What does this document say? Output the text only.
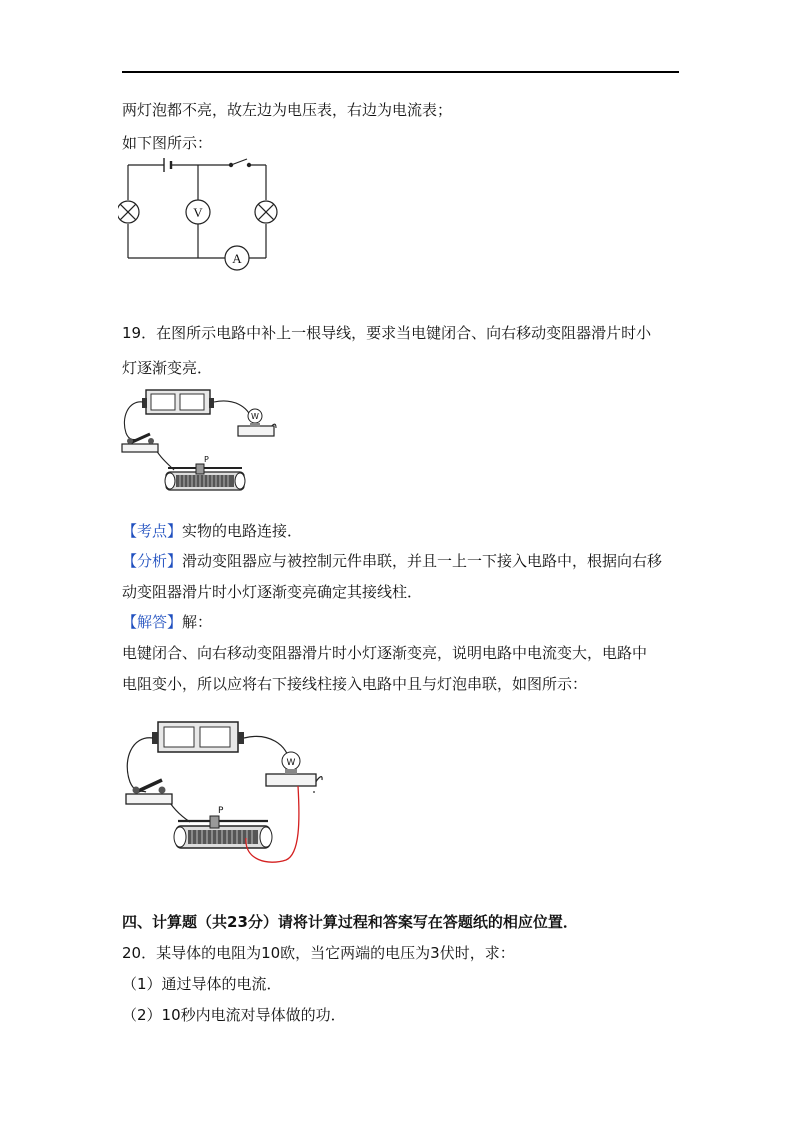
两灯泡都不亮，故左边为电压表，右边为电流表；
如下图所示：
V
A
19．在图所示电路中补上一根导线，要求当电键闭合、向右移动变阻器滑片时小
灯逐渐变亮．
W
P
【考点】实物的电路连接．
【分析】滑动变阻器应与被控制元件串联，并且一上一下接入电路中，根据向右移
动变阻器滑片时小灯逐渐变亮确定其接线柱．
【解答】解：
电键闭合、向右移动变阻器滑片时小灯逐渐变亮，说明电路中电流变大，电路中
电阻变小，所以应将右下接线柱接入电路中且与灯泡串联，如图所示：
W
P
四、计算题（共23分）请将计算过程和答案写在答题纸的相应位置．
20．某导体的电阻为10欧，当它两端的电压为3伏时，求：
（1）通过导体的电流．
（2）10秒内电流对导体做的功．
